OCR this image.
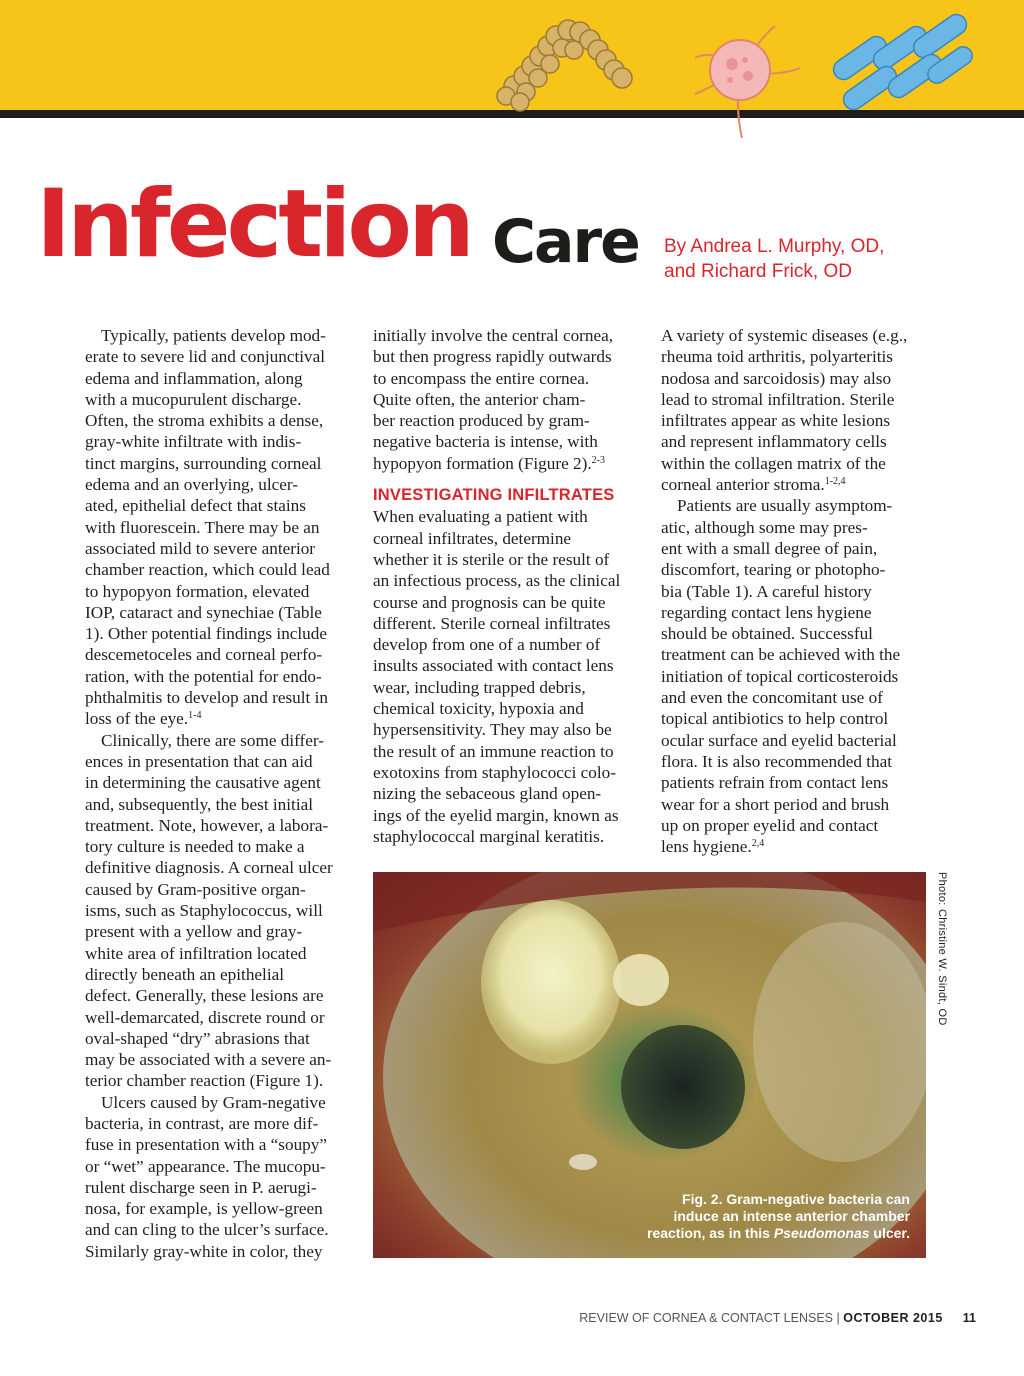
Infection Care By Andrea L. Murphy, OD,
and Richard Frick, OD
Typically, patients develop mod-
erate to severe lid and conjunctival
edema and inflammation, along
with a mucopurulent discharge.
Often, the stroma exhibits a dense,
gray-white infiltrate with indis-
tinct margins, surrounding corneal
edema and an overlying, ulcer-
ated, epithelial defect that stains
with fluorescein. There may be an
associated mild to severe anterior
chamber reaction, which could lead
to hypopyon formation, elevated
IOP, cataract and synechiae (Table
1). Other potential findings include
descemetoceles and corneal perfo-
ration, with the potential for endo-
phthalmitis to develop and result in
loss of the eye.$^{1-4}$
Clinically, there are some differ-
ences in presentation that can aid
in determining the causative agent
and, subsequently, the best initial
treatment. Note, however, a labora-
tory culture is needed to make a
definitive diagnosis. A corneal ulcer
caused by Gram-positive organ-
isms, such as Staphylococcus, will
present with a yellow and gray-
white area of infiltration located
directly beneath an epithelial
defect. Generally, these lesions are
well-demarcated, discrete round or
oval-shaped “dry” abrasions that
may be associated with a severe an-
terior chamber reaction (Figure 1).
Ulcers caused by Gram-negative
bacteria, in contrast, are more dif-
fuse in presentation with a “soupy”
or “wet” appearance. The mucopu-
rulent discharge seen in P. aerugi-
nosa, for example, is yellow-green
and can cling to the ulcer’s surface.
Similarly gray-white in color, they
initially involve the central cornea,
but then progress rapidly outwards
to encompass the entire cornea.
Quite often, the anterior cham-
ber reaction produced by gram-
negative bacteria is intense, with
hypopyon formation (Figure 2).$^{2-3}$
INVESTIGATING INFILTRATES
When evaluating a patient with
corneal infiltrates, determine
whether it is sterile or the result of
an infectious process, as the clinical
course and prognosis can be quite
different. Sterile corneal infiltrates
develop from one of a number of
insults associated with contact lens
wear, including trapped debris,
chemical toxicity, hypoxia and
hypersensitivity. They may also be
the result of an immune reaction to
exotoxins from staphylococci colo-
nizing the sebaceous gland open-
ings of the eyelid margin, known as
staphylococcal marginal keratitis.
A variety of systemic diseases (e.g.,
rheuma toid arthritis, polyarteritis
nodosa and sarcoidosis) may also
lead to stromal infiltration. Sterile
infiltrates appear as white lesions
and represent inflammatory cells
within the collagen matrix of the
corneal anterior stroma.$^{1-2,4}$
Patients are usually asymptom-
atic, although some may pres-
ent with a small degree of pain,
discomfort, tearing or photopho-
bia (Table 1). A careful history
regarding contact lens hygiene
should be obtained. Successful
treatment can be achieved with the
initiation of topical corticosteroids
and even the concomitant use of
topical antibiotics to help control
ocular surface and eyelid bacterial
flora. It is also recommended that
patients refrain from contact lens
wear for a short period and brush
up on proper eyelid and contact
lens hygiene.$^{2,4}$
Fig. 2. Gram-negative bacteria can
induce an intense anterior chamber
reaction, as in this Pseudomonas ulcer.
Photo: Christine W. Sindt, OD
REVIEW OF CORNEA & CONTACT LENSES | OCTOBER 2015 11
